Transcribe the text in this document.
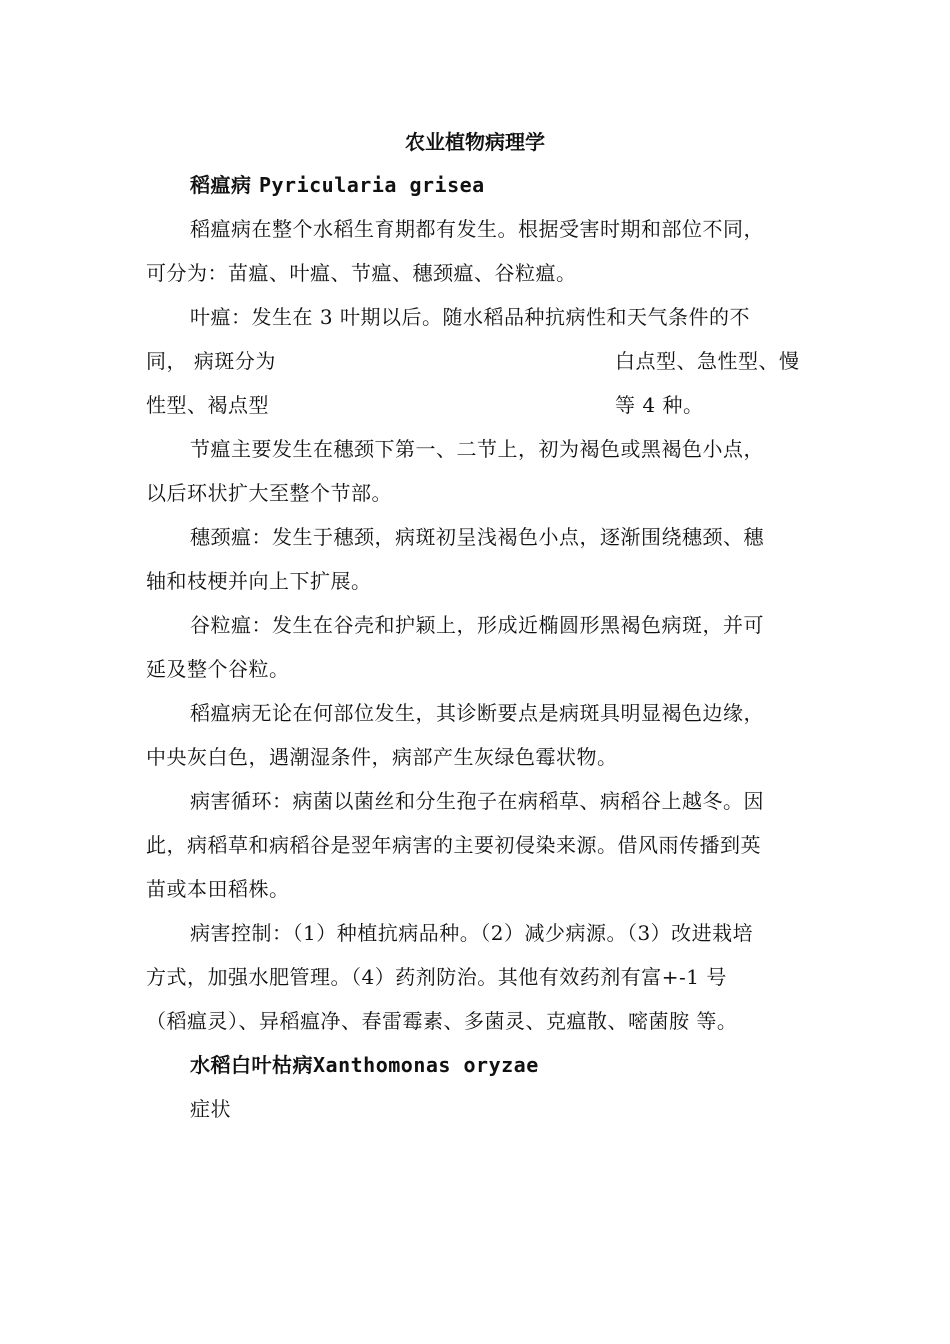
农业植物病理学
稻瘟病 Pyricularia grisea
稻瘟病在整个水稻生育期都有发生。根据受害时期和部位不同，
可分为：苗瘟、叶瘟、节瘟、穗颈瘟、谷粒瘟。
叶瘟：发生在 3 叶期以后。随水稻品种抗病性和天气条件的不
同， 病斑分为	白点型、急性型、慢
性型、褐点型	等 4 种。
节瘟主要发生在穗颈下第一、二节上，初为褐色或黑褐色小点，
以后环状扩大至整个节部。
穗颈瘟：发生于穗颈，病斑初呈浅褐色小点，逐渐围绕穗颈、穗
轴和枝梗并向上下扩展。
谷粒瘟：发生在谷壳和护颖上，形成近椭圆形黑褐色病斑，并可
延及整个谷粒。
稻瘟病无论在何部位发生，其诊断要点是病斑具明显褐色边缘，
中央灰白色，遇潮湿条件，病部产生灰绿色霉状物。
病害循环：病菌以菌丝和分生孢子在病稻草、病稻谷上越冬。因
此，病稻草和病稻谷是翌年病害的主要初侵染来源。借风雨传播到英
苗或本田稻株。
病害控制：（1）种植抗病品种。（2）减少病源。（3）改进栽培
方式，加强水肥管理。（4）药剂防治。其他有效药剂有富+-1 号
（稻瘟灵）、异稻瘟净、春雷霉素、多菌灵、克瘟散、嘧菌胺 等。
水稻白叶枯病Xanthomonas oryzae
症状
